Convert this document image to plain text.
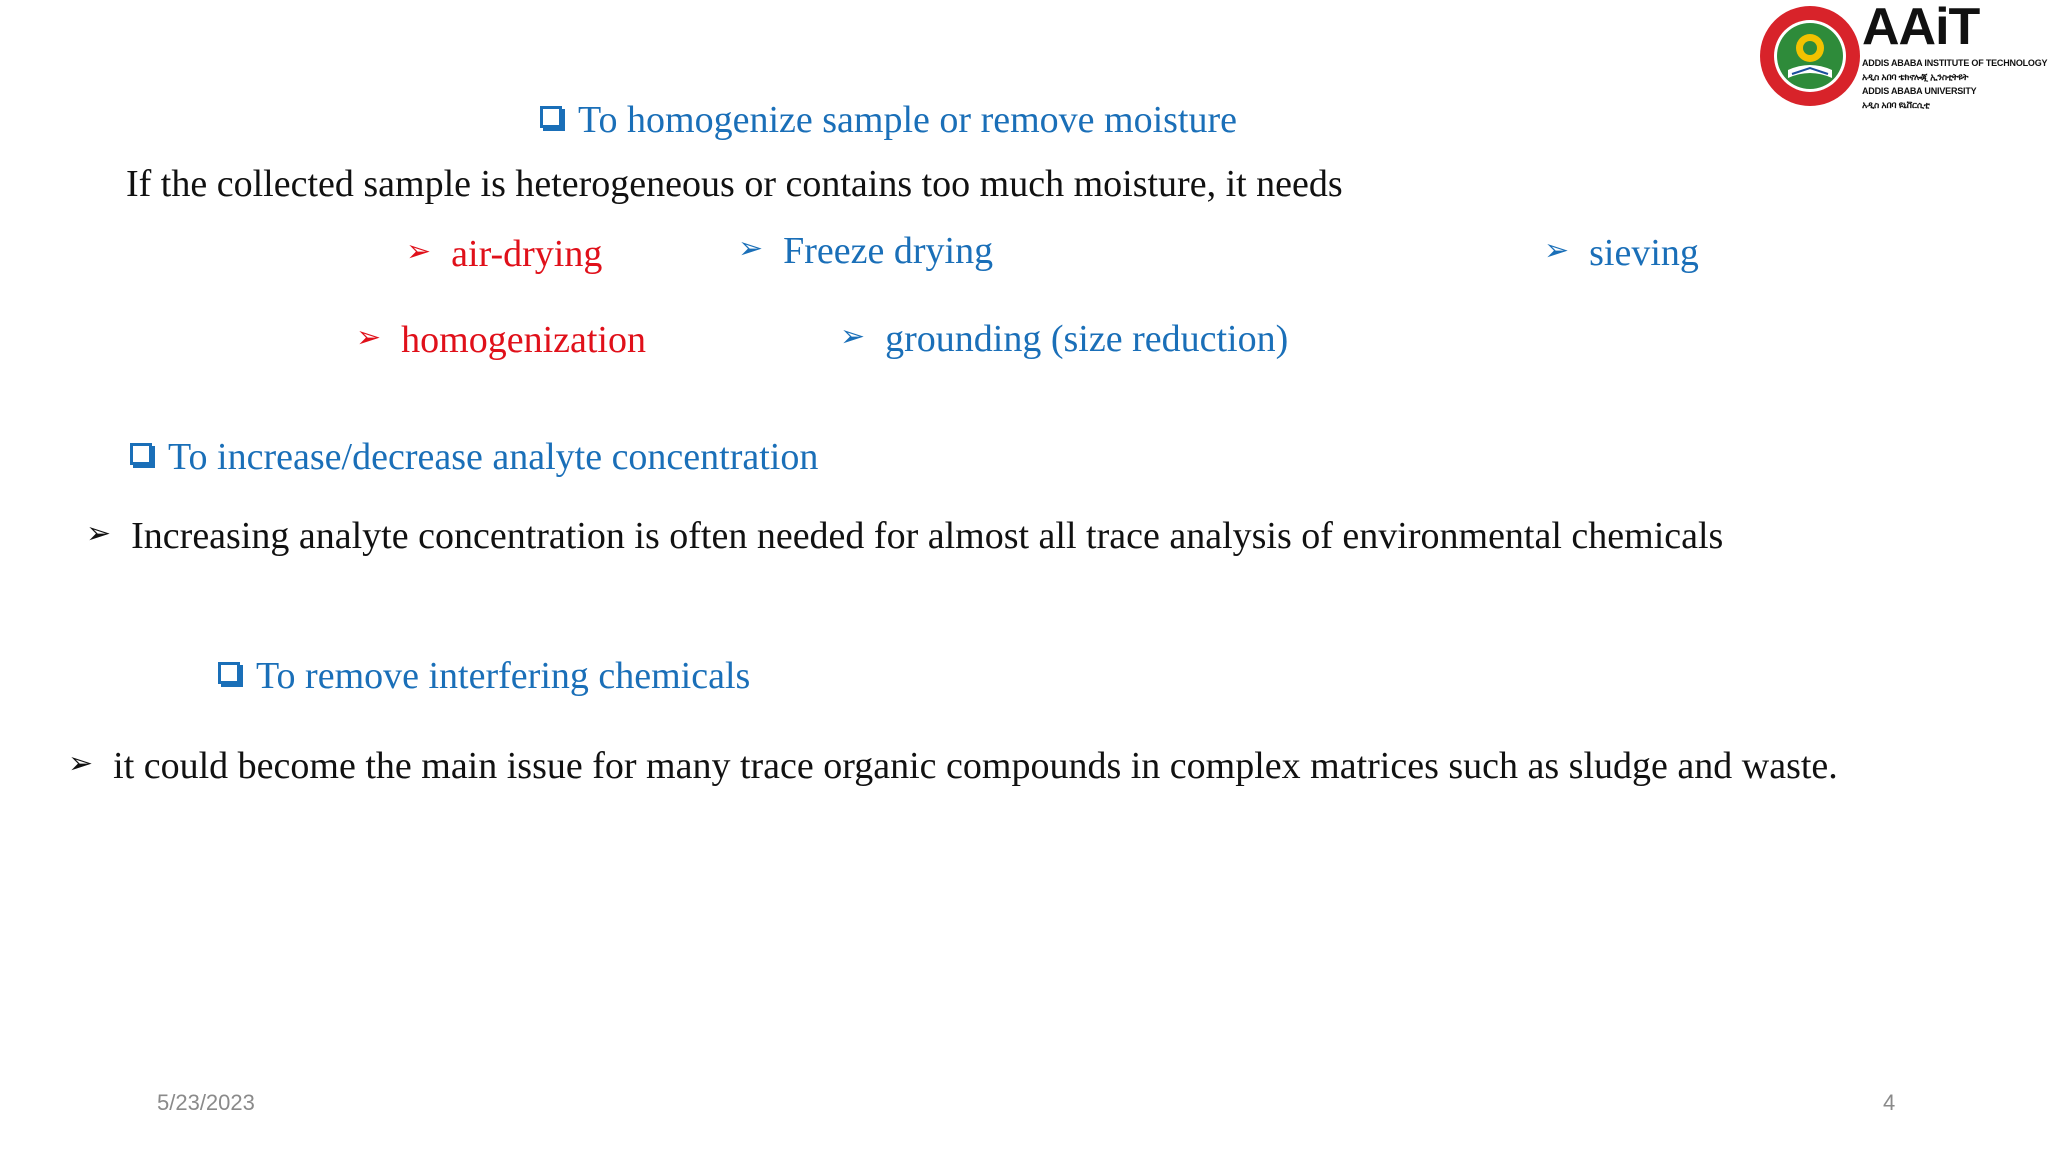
AAiT
ADDIS ABABA INSTITUTE OF TECHNOLOGY
አዲስ አበባ ቴክኖሎጂ ኢንስቲትዩት
ADDIS ABABA UNIVERSITY
አዲስ አበባ ዩኒቨርሲቲ
To homogenize sample or remove moisture
If the collected sample is heterogeneous or contains too much moisture, it needs
➢ air-drying	➢ Freeze drying	➢ sieving
➢ homogenization	➢ grounding (size reduction)
To increase/decrease analyte concentration
➢ Increasing analyte concentration is often needed for almost all trace analysis of environmental chemicals
To remove interfering chemicals
➢ it could become the main issue for many trace organic compounds in complex matrices such as sludge and waste.
5/23/2023	4
